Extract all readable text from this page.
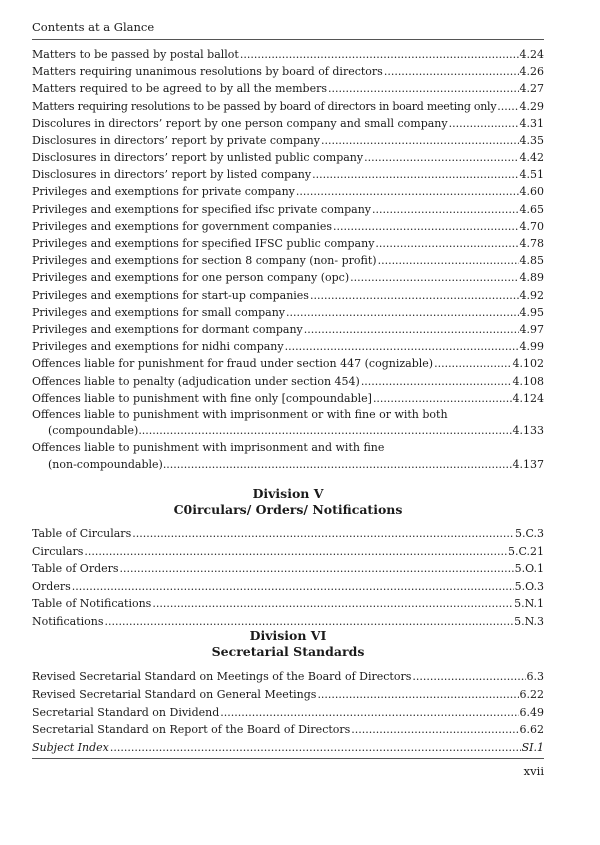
Contents at a Glance
Matters to be passed by postal ballot .....	4.24
Matters requiring unanimous resolutions by board of directors .....	4.26
Matters required to be agreed to by all the members .....	4.27
Matters requiring resolutions to be passed by board of directors in board meeting only ..... 4.29
Discolures in directors’ report by one person company and small company .....	4.31
Disclosures in directors’ report by private company .....	4.35
Disclosures in directors’ report by unlisted public company .....	4.42
Disclosures in directors’ report by listed company .....	4.51
Privileges and exemptions for private company .....	4.60
Privileges and exemptions for specified ifsc private company .....	4.65
Privileges and exemptions for government companies .....	4.70
Privileges and exemptions for specified IFSC public company .....	4.78
Privileges and exemptions for section 8 company (non- profit) .....	4.85
Privileges and exemptions for one person company (opc) .....	4.89
Privileges and exemptions for start-up companies .....	4.92
Privileges and exemptions for small company .....	4.95
Privileges and exemptions for dormant company .....	4.97
Privileges and exemptions for nidhi company .....	4.99
Offences liable for punishment for fraud under section 447 (cognizable) .....	4.102
Offences liable to penalty (adjudication under section 454) .....	4.108
Offences liable to punishment with fine only [compoundable] .....	4.124
Offences liable to punishment with imprisonment or with fine or with both
(compoundable) .....	4.133
Offences liable to punishment with imprisonment and with fine
(non-compoundable) .....	4.137
Division V
C0irculars/ Orders/ Notifications
Table of Circulars .....	5.C.3
Circulars .....	5.C.21
Table of Orders .....	5.O.1
Orders .....	5.O.3
Table of Notifications .....	5.N.1
Notifications .....	5.N.3
Division VI
Secretarial Standards
Revised Secretarial Standard on Meetings of the Board of Directors .....	6.3
Revised Secretarial Standard on General Meetings .....	6.22
Secretarial Standard on Dividend .....	6.49
Secretarial Standard on Report of the Board of Directors .....	6.62
Subject Index .....	SI.1
xvii
